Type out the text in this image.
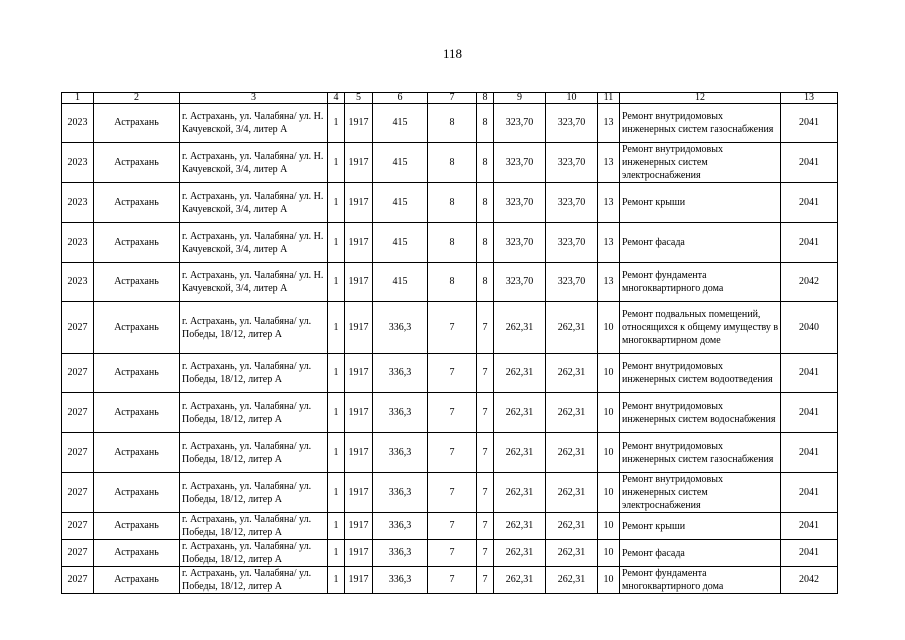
118
1	2	3	4	5	6	7	8	9	10	11	12	13
2023	Астрахань	г. Астрахань, ул. Чалабяна/ ул. Н. Качуевской, 3/4, литер А	1	1917	415	8	8	323,70	323,70	13	Ремонт внутридомовых инженерных систем газоснабжения	2041
2023	Астрахань	г. Астрахань, ул. Чалабяна/ ул. Н. Качуевской, 3/4, литер А	1	1917	415	8	8	323,70	323,70	13	Ремонт внутридомовых инженерных систем электроснабжения	2041
2023	Астрахань	г. Астрахань, ул. Чалабяна/ ул. Н. Качуевской, 3/4, литер А	1	1917	415	8	8	323,70	323,70	13	Ремонт крыши	2041
2023	Астрахань	г. Астрахань, ул. Чалабяна/ ул. Н. Качуевской, 3/4, литер А	1	1917	415	8	8	323,70	323,70	13	Ремонт фасада	2041
2023	Астрахань	г. Астрахань, ул. Чалабяна/ ул. Н. Качуевской, 3/4, литер А	1	1917	415	8	8	323,70	323,70	13	Ремонт фундамента многоквартирного дома	2042
2027	Астрахань	г. Астрахань, ул. Чалабяна/ ул. Победы, 18/12, литер А	1	1917	336,3	7	7	262,31	262,31	10	Ремонт подвальных помещений, относящихся к общему имуществу в многоквартирном доме	2040
2027	Астрахань	г. Астрахань, ул. Чалабяна/ ул. Победы, 18/12, литер А	1	1917	336,3	7	7	262,31	262,31	10	Ремонт внутридомовых инженерных систем водоотведения	2041
2027	Астрахань	г. Астрахань, ул. Чалабяна/ ул. Победы, 18/12, литер А	1	1917	336,3	7	7	262,31	262,31	10	Ремонт внутридомовых инженерных систем водоснабжения	2041
2027	Астрахань	г. Астрахань, ул. Чалабяна/ ул. Победы, 18/12, литер А	1	1917	336,3	7	7	262,31	262,31	10	Ремонт внутридомовых инженерных систем газоснабжения	2041
2027	Астрахань	г. Астрахань, ул. Чалабяна/ ул. Победы, 18/12, литер А	1	1917	336,3	7	7	262,31	262,31	10	Ремонт внутридомовых инженерных систем электроснабжения	2041
2027	Астрахань	г. Астрахань, ул. Чалабяна/ ул. Победы, 18/12, литер А	1	1917	336,3	7	7	262,31	262,31	10	Ремонт крыши	2041
2027	Астрахань	г. Астрахань, ул. Чалабяна/ ул. Победы, 18/12, литер А	1	1917	336,3	7	7	262,31	262,31	10	Ремонт фасада	2041
2027	Астрахань	г. Астрахань, ул. Чалабяна/ ул. Победы, 18/12, литер А	1	1917	336,3	7	7	262,31	262,31	10	Ремонт фундамента многоквартирного дома	2042
